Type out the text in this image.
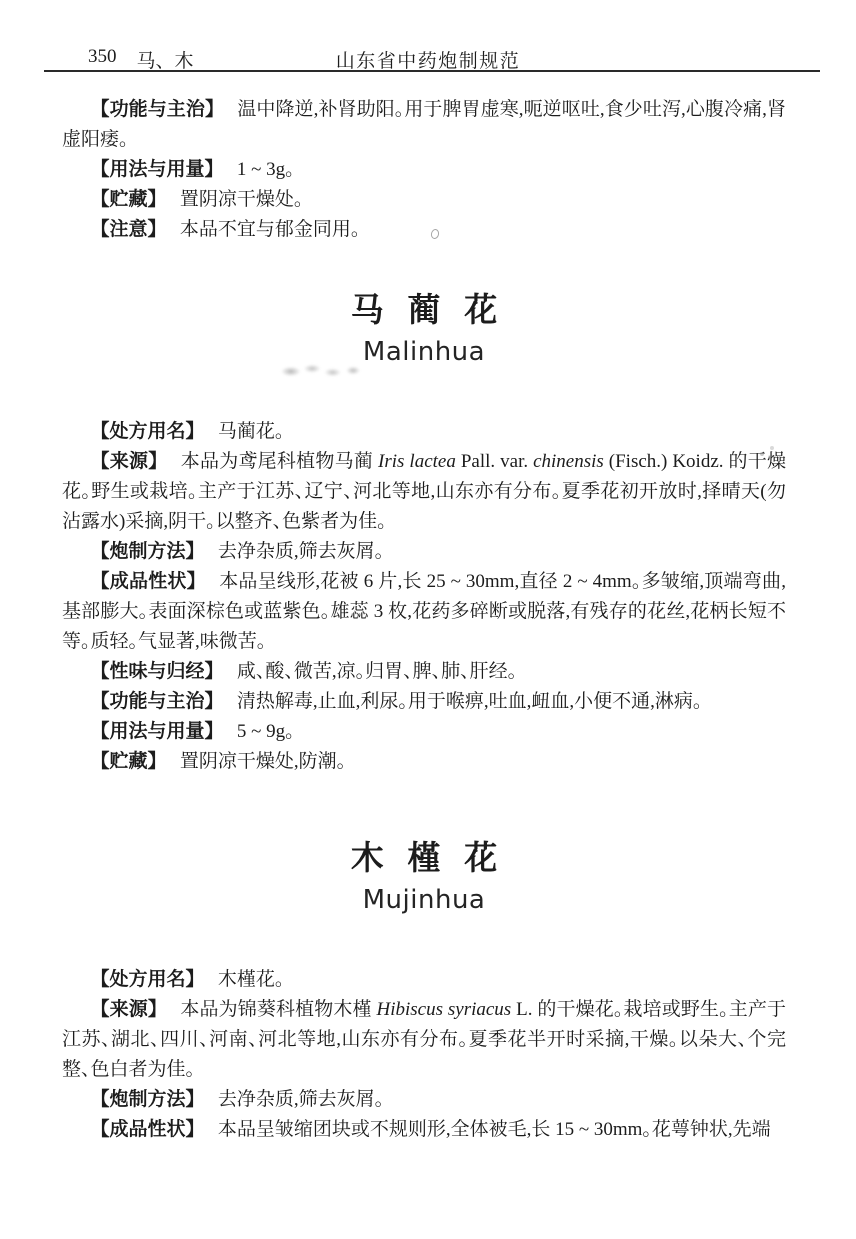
350 马、木	山东省中药炮制规范

【功能与主治】 温中降逆,补肾助阳。用于脾胃虚寒,呃逆呕吐,食少吐泻,心腹冷痛,肾虚阳痿。

【用法与用量】 1 ~ 3g。

【贮藏】 置阴凉干燥处。

【注意】 本品不宜与郁金同用。

马蔺花
Malinhua

【处方用名】 马蔺花。

【来源】 本品为鸢尾科植物马蔺 Iris lactea Pall. var. chinensis (Fisch.) Koidz. 的干燥花。野生或栽培。主产于江苏、辽宁、河北等地,山东亦有分布。夏季花初开放时,择晴天(勿沾露水)采摘,阴干。以整齐、色紫者为佳。

【炮制方法】 去净杂质,筛去灰屑。

【成品性状】 本品呈线形,花被 6 片,长 25 ~ 30mm,直径 2 ~ 4mm。多皱缩,顶端弯曲,基部膨大。表面深棕色或蓝紫色。雄蕊 3 枚,花药多碎断或脱落,有残存的花丝,花柄长短不等。质轻。气显著,味微苦。

【性味与归经】 咸、酸、微苦,凉。归胃、脾、肺、肝经。

【功能与主治】 清热解毒,止血,利尿。用于喉痹,吐血,衄血,小便不通,淋病。

【用法与用量】 5 ~ 9g。

【贮藏】 置阴凉干燥处,防潮。

木槿花
Mujinhua

【处方用名】 木槿花。

【来源】 本品为锦葵科植物木槿 Hibiscus syriacus L. 的干燥花。栽培或野生。主产于江苏、湖北、四川、河南、河北等地,山东亦有分布。夏季花半开时采摘,干燥。以朵大、个完整、色白者为佳。

【炮制方法】 去净杂质,筛去灰屑。

【成品性状】 本品呈皱缩团块或不规则形,全体被毛,长 15 ~ 30mm。花萼钟状,先端
